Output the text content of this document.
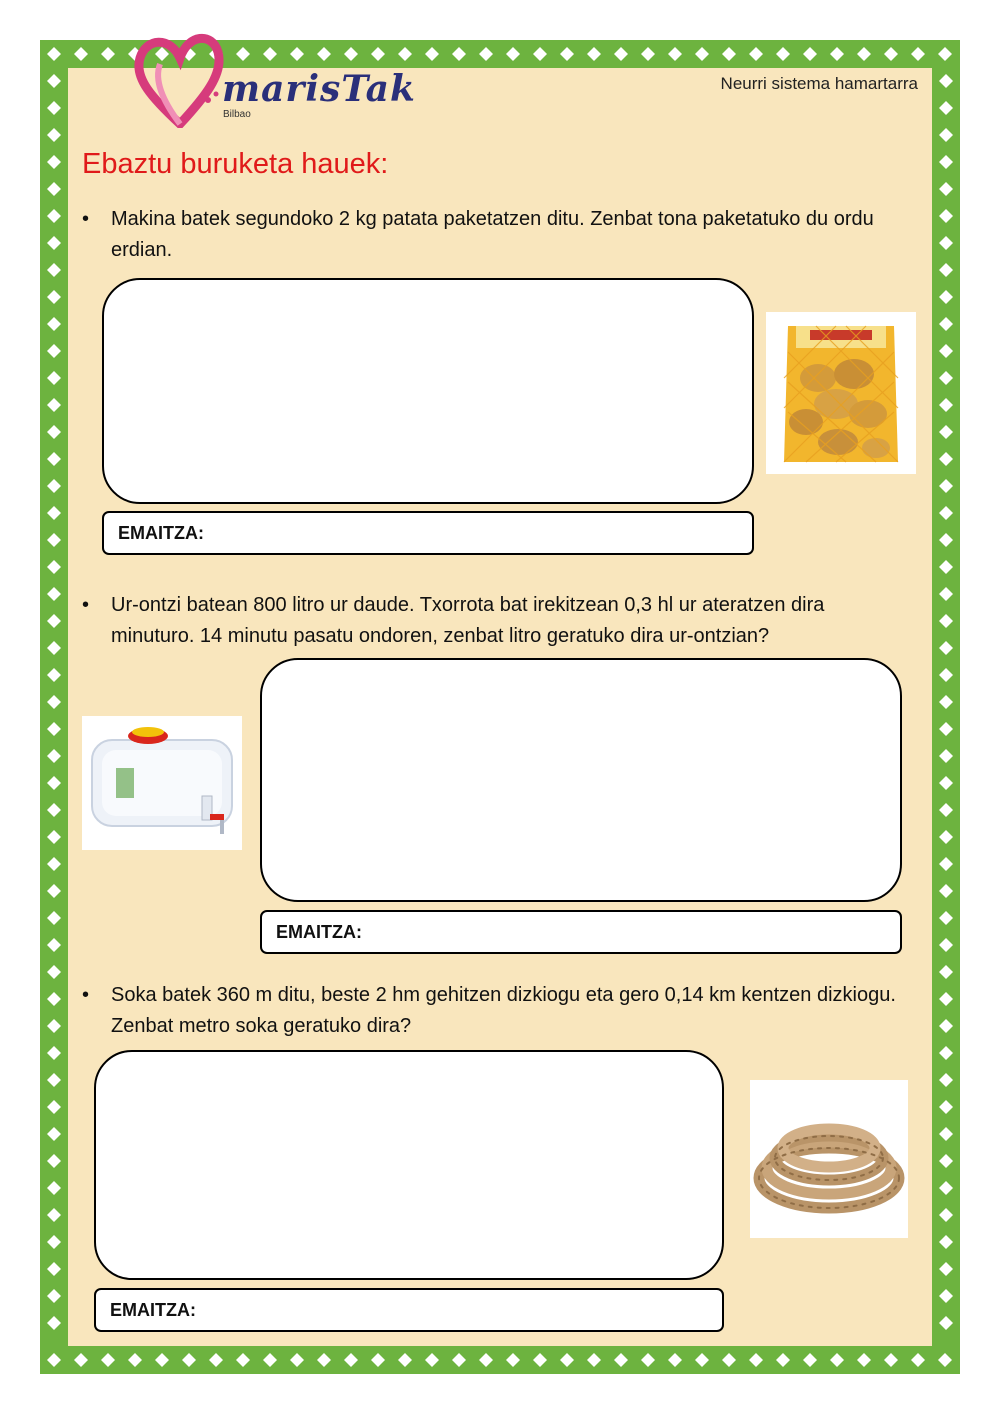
marisTak
Bilbao
Neurri sistema hamartarra
Ebaztu buruketa hauek:
•	Makina batek segundoko 2 kg patata paketatzen ditu. Zenbat tona paketatuko du ordu erdian.
EMAITZA:
•	Ur-ontzi batean 800 litro ur daude. Txorrota bat irekitzean 0,3 hl ur ateratzen dira minuturo. 14 minutu pasatu ondoren, zenbat litro geratuko dira ur-ontzian?
EMAITZA:
•	Soka batek 360 m ditu, beste 2 hm gehitzen dizkiogu eta gero 0,14 km kentzen dizkiogu. Zenbat metro soka geratuko dira?
EMAITZA:
